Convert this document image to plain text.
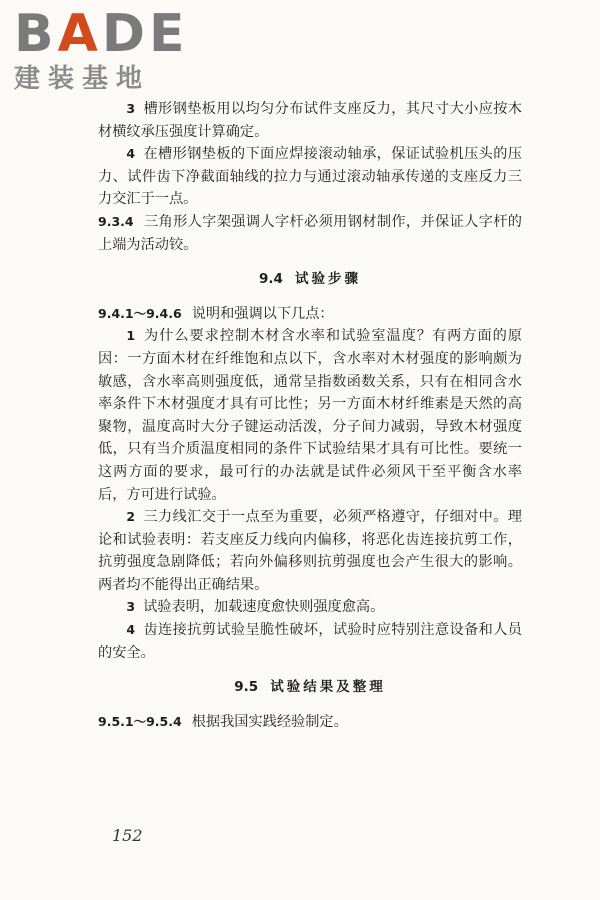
BADE
建装基地

3 槽形钢垫板用以均匀分布试件支座反力，其尺寸大小应按木材横纹承压强度计算确定。

4 在槽形钢垫板的下面应焊接滚动轴承，保证试验机压头的压力、试件齿下净截面轴线的拉力与通过滚动轴承传递的支座反力三力交汇于一点。

9.3.4 三角形人字架强调人字杆必须用钢材制作，并保证人字杆的上端为活动铰。

9.4 试验步骤

9.4.1～9.4.6 说明和强调以下几点：

1 为什么要求控制木材含水率和试验室温度？有两方面的原因：一方面木材在纤维饱和点以下，含水率对木材强度的影响颇为敏感，含水率高则强度低，通常呈指数函数关系，只有在相同含水率条件下木材强度才具有可比性；另一方面木材纤维素是天然的高聚物，温度高时大分子键运动活泼，分子间力减弱，导致木材强度低，只有当介质温度相同的条件下试验结果才具有可比性。要统一这两方面的要求，最可行的办法就是试件必须风干至平衡含水率后，方可进行试验。

2 三力线汇交于一点至为重要，必须严格遵守，仔细对中。理论和试验表明：若支座反力线向内偏移，将恶化齿连接抗剪工作，抗剪强度急剧降低；若向外偏移则抗剪强度也会产生很大的影响。两者均不能得出正确结果。

3 试验表明，加载速度愈快则强度愈高。

4 齿连接抗剪试验呈脆性破坏，试验时应特别注意设备和人员的安全。

9.5 试验结果及整理

9.5.1～9.5.4 根据我国实践经验制定。

152
